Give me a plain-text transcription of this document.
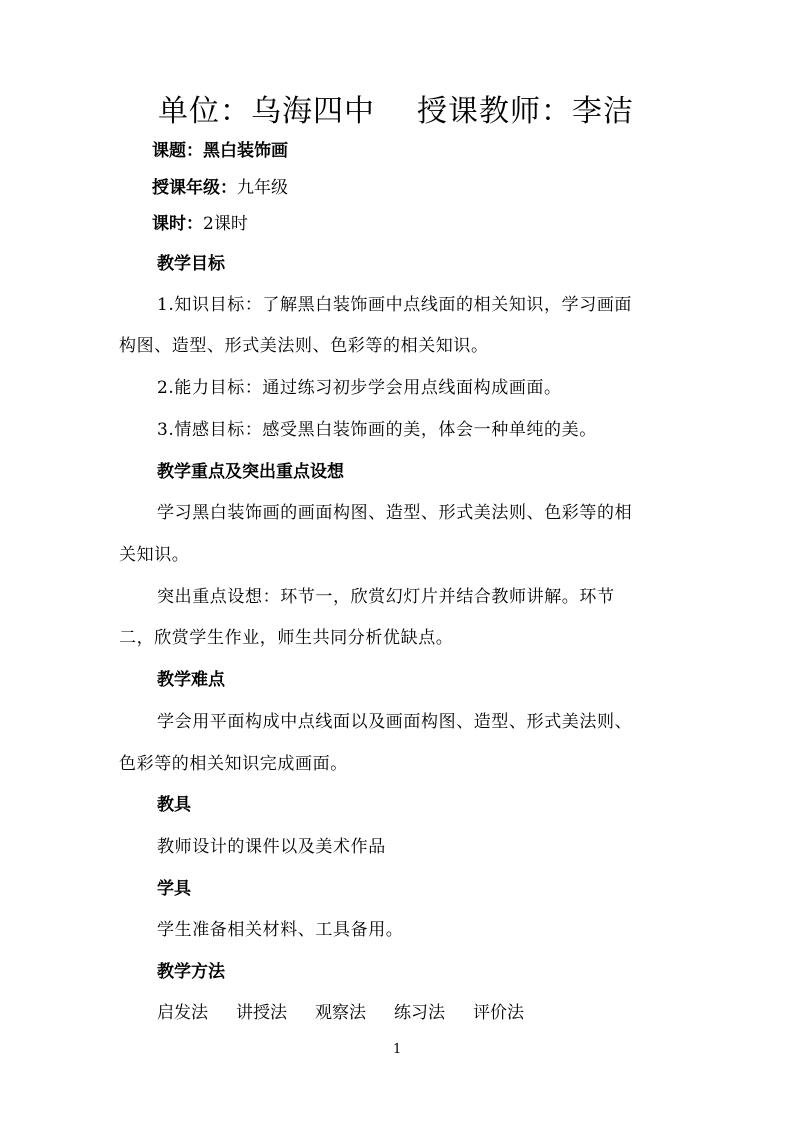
单位：乌海四中 授课教师：李洁
课题：黑白装饰画
授课年级：九年级
课时：2课时
教学目标
1.知识目标：了解黑白装饰画中点线面的相关知识，学习画面
构图、造型、形式美法则、色彩等的相关知识。
2.能力目标：通过练习初步学会用点线面构成画面。
3.情感目标：感受黑白装饰画的美，体会一种单纯的美。
教学重点及突出重点设想
学习黑白装饰画的画面构图、造型、形式美法则、色彩等的相
关知识。
突出重点设想：环节一，欣赏幻灯片并结合教师讲解。环节
二，欣赏学生作业，师生共同分析优缺点。
教学难点
学会用平面构成中点线面以及画面构图、造型、形式美法则、
色彩等的相关知识完成画面。
教具
教师设计的课件以及美术作品
学具
学生准备相关材料、工具备用。
教学方法
启发法 讲授法 观察法 练习法 评价法
1
